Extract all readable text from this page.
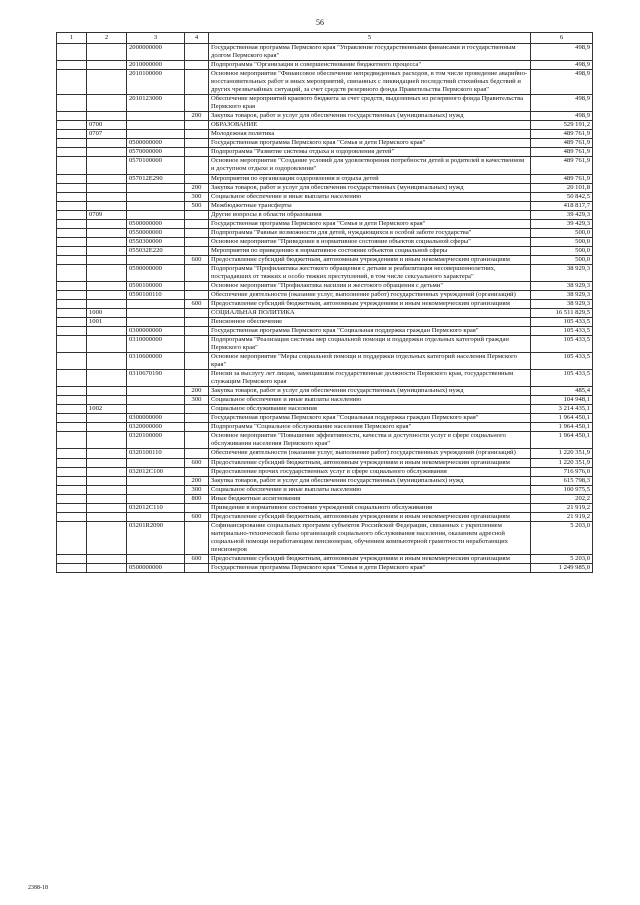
56
1	2	3	4	5	6
		2000000000		Государственная программа Пермского края "Управление государственными финансами и государственным долгом Пермского края"	498,9
		2010000000		Подпрограмма "Организация и совершенствование бюджетного процесса"	498,9
		2010100000		Основное мероприятие "Финансовое обеспечение непредвиденных расходов, в том числе проведение аварийно-восстановительных работ и иных мероприятий, связанных с ликвидацией последствий стихийных бедствий и других чрезвычайных ситуаций, за счет средств резервного фонда Правительства Пермского края"	498,9
		2010123000		Обеспечение мероприятий краевого бюджета за счет средств, выделенных из резервного фонда Правительства Пермского края	498,9
			200	Закупка товаров, работ и услуг для обеспечения государственных (муниципальных) нужд	498,9
	0700			ОБРАЗОВАНИЕ	529 191,2
	0707			Молодежная политика	489 761,9
		0500000000		Государственная программа Пермского края "Семья и дети Пермского края"	489 761,9
		0570000000		Подпрограмма "Развитие системы отдыха и оздоровления детей"	489 761,9
		0570100000		Основное мероприятие "Создание условий для удовлетворения потребности детей и родителей в качественном и доступном отдыхе и оздоровлении"	489 761,9
		057012Е290		Мероприятия по организации оздоровления и отдыха детей	489 761,9
			200	Закупка товаров, работ и услуг для обеспечения государственных (муниципальных) нужд	20 101,8
			300	Социальное обеспечение и иные выплаты населению	50 842,5
			500	Межбюджетные трансферты	418 817,7
	0709			Другие вопросы в области образования	39 429,3
		0500000000		Государственная программа Пермского края "Семья и дети Пермского края"	39 429,3
		0550000000		Подпрограмма "Равные возможности для детей, нуждающихся в особой заботе государства"	500,0
		0550300000		Основное мероприятие "Приведение в нормативное состояние объектов социальной сферы"	500,0
		055032Е220		Мероприятия по приведению в нормативное состояние объектов социальной сферы	500,0
			600	Предоставление субсидий бюджетным, автономным учреждениям и иным некоммерческим организациям	500,0
		0590000000		Подпрограмма "Профилактика жестокого обращения с детьми и реабилитация несовершеннолетних, пострадавших от тяжких и особо тяжких преступлений, в том числе сексуального характера"	38 929,3
		0590100000		Основное мероприятие "Профилактика насилия и жестокого обращения с детьми"	38 929,3
		0590100110		Обеспечение деятельности (оказание услуг, выполнение работ) государственных учреждений (организаций)	38 929,3
			600	Предоставление субсидий бюджетным, автономным учреждениям и иным некоммерческим организациям	38 929,3
	1000			СОЦИАЛЬНАЯ ПОЛИТИКА	16 511 829,5
	1001			Пенсионное обеспечение	105 433,5
		0300000000		Государственная программа Пермского края "Социальная поддержка граждан Пермского края"	105 433,5
		0310000000		Подпрограмма "Реализация системы мер социальной помощи и поддержки отдельных категорий граждан Пермского края"	105 433,5
		0310600000		Основное мероприятие "Меры социальной помощи и поддержки отдельных категорий населения Пермского края"	105 433,5
		0310670190		Пенсии за выслугу лет лицам, замещавшим государственные должности Пермского края, государственным служащим Пермского края	105 433,5
			200	Закупка товаров, работ и услуг для обеспечения государственных (муниципальных) нужд	485,4
			300	Социальное обеспечение и иные выплаты населению	104 948,1
	1002			Социальное обслуживание населения	3 214 435,1
		0300000000		Государственная программа Пермского края "Социальная поддержка граждан Пермского края"	1 964 450,1
		0320000000		Подпрограмма "Социальное обслуживание населения Пермского края"	1 964 450,1
		0320100000		Основное мероприятие "Повышение эффективности, качества и доступности услуг в сфере социального обслуживания населения Пермского края"	1 964 450,1
		0320100110		Обеспечение деятельности (оказание услуг, выполнение работ) государственных учреждений (организаций)	1 220 351,9
			600	Предоставление субсидий бюджетным, автономным учреждениям и иным некоммерческим организациям	1 220 351,9
		032012С100		Предоставление прочих государственных услуг в сфере социального обслуживания	716 976,0
			200	Закупка товаров, работ и услуг для обеспечения государственных (муниципальных) нужд	615 798,3
			300	Социальное обеспечение и иные выплаты населению	100 975,5
			800	Иные бюджетные ассигнования	202,2
		032012С110		Приведение в нормативное состояние учреждений социального обслуживания	21 919,2
			600	Предоставление субсидий бюджетным, автономным учреждениям и иным некоммерческим организациям	21 919,2
		03201R2090		Софинансирование социальных программ субъектов Российской Федерации, связанных с укреплением материально-технической базы организаций социального обслуживания населения, оказанием адресной социальной помощи неработающим пенсионерам, обучением компьютерной грамотности неработающих пенсионеров	5 203,0
			600	Предоставление субсидий бюджетным, автономным учреждениям и иным некоммерческим организациям	5 203,0
		0500000000		Государственная программа Пермского края "Семья и дети Пермского края"	1 249 985,0
2388-18
